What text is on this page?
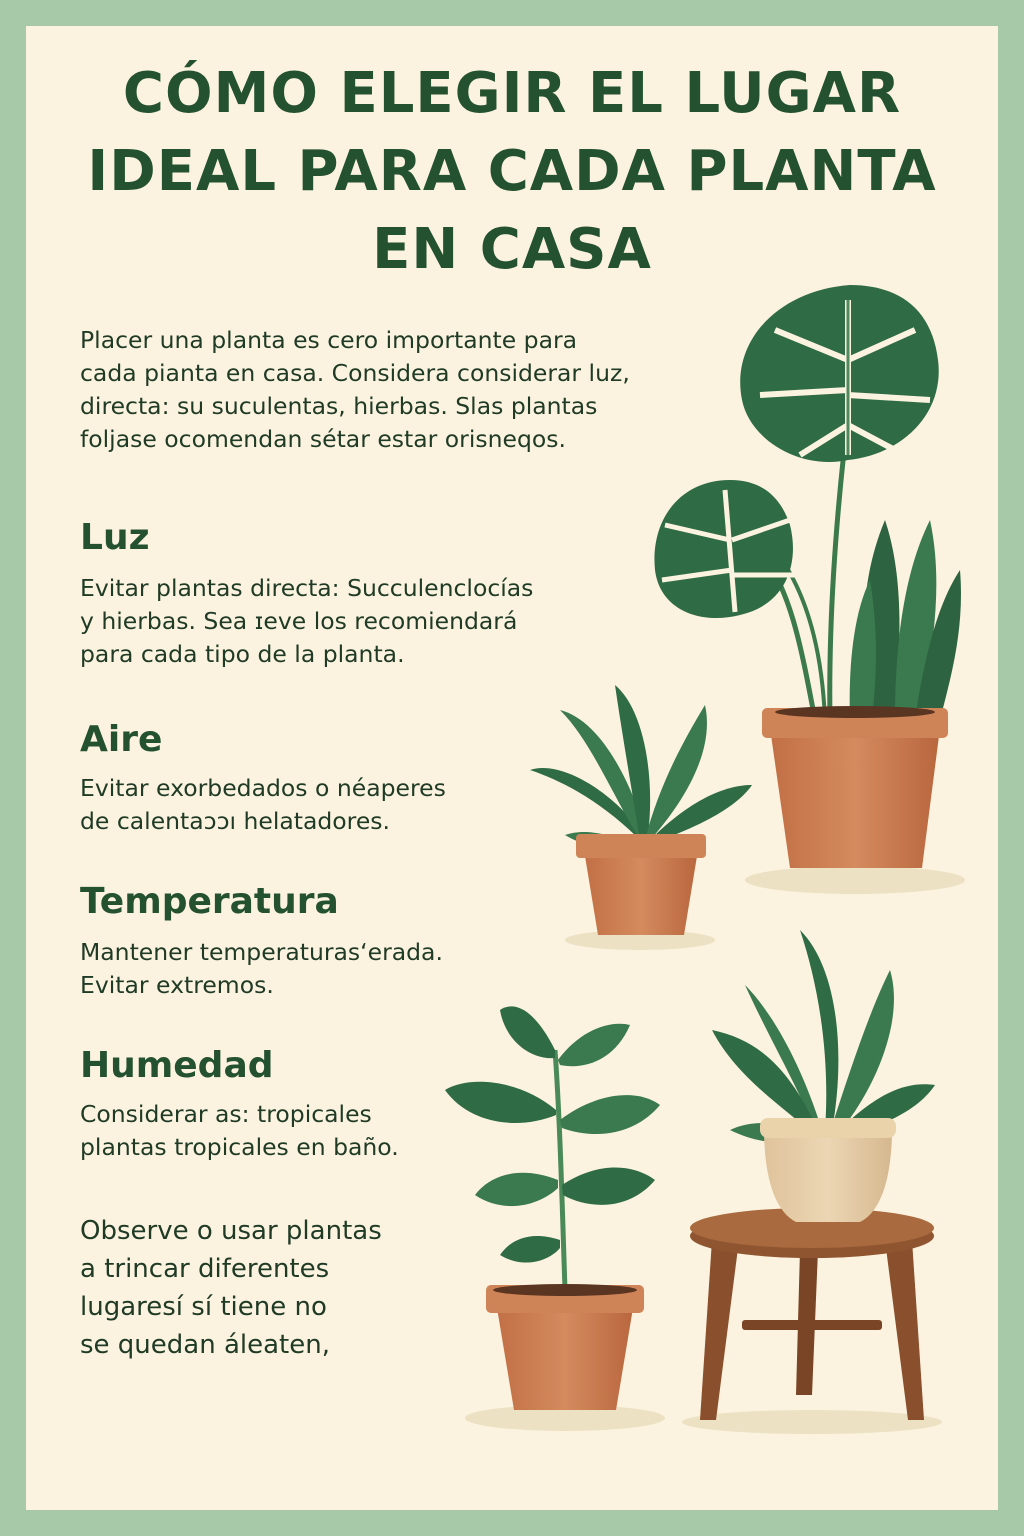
CÓMO ELEGIR EL LUGAR
IDEAL PARA CADA PLANTA
EN CASA

Placer una planta es cero importante para
cada pianta en casa. Considera considerar luz,
directa: su suculentas, hierbas. Slas plantas
foljase ocomendan sétar estar orisneqos.

Luz

Evitar plantas directa: Succulenclocías
y hierbas. Sea ɪeve los recomiendará
para cada tipo de la planta.

Aire

Evitar exorbedados o néaperes
de calentaɔɔı helatadores.

Temperatura

Mantener temperaturas‘erada.
Evitar extremos.

Humedad

Considerar as: tropicales
plantas tropicales en baño.

Observe o usar plantas
a trincar diferentes
lugaresí sí tiene no
se quedan áleaten,
